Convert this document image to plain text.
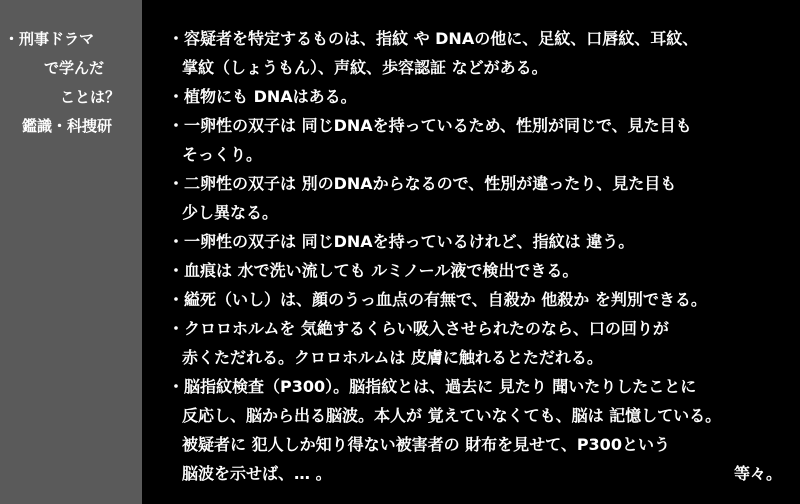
・刑事ドラマ
で学んだ
ことは？
鑑識・科捜研
・容疑者を特定するものは、指紋 や DNAの他に、足紋、口唇紋、耳紋、
掌紋（しょうもん）、声紋、歩容認証 などがある。
・植物にも DNAはある。
・一卵性の双子は 同じDNAを持っているため、性別が同じで、見た目も
そっくり。
・二卵性の双子は 別のDNAからなるので、性別が違ったり、見た目も
少し異なる。
・一卵性の双子は 同じDNAを持っているけれど、指紋は 違う。
・血痕は 水で洗い流しても ルミノール液で検出できる。
・縊死（いし）は、顔のうっ血点の有無で、自殺か 他殺か を判別できる。
・クロロホルムを 気絶するくらい吸入させられたのなら、口の回りが
赤くただれる。クロロホルムは 皮膚に触れるとただれる。
・脳指紋検査（P300）。脳指紋とは、過去に 見たり 聞いたりしたことに
反応し、脳から出る脳波。本人が 覚えていなくても、脳は 記憶している。
被疑者に 犯人しか知り得ない被害者の 財布を見せて、P300という
脳波を示せば、… 。	等々。
